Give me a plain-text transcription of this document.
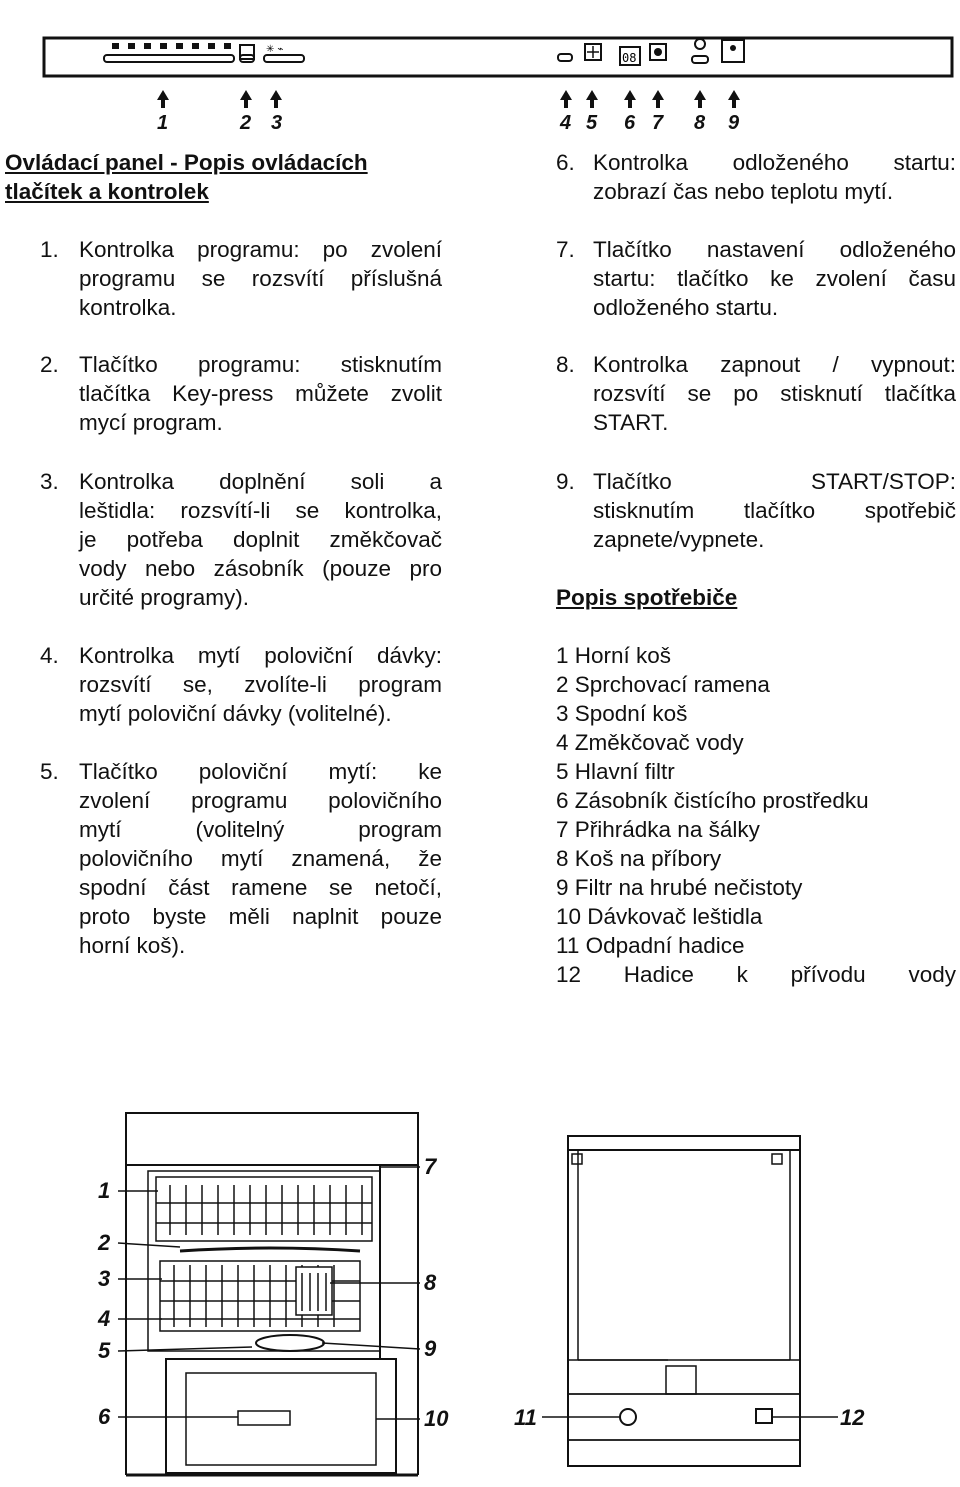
✳ ⌁
08
1	2 3	4 5 6 7 8 9
Ovládací panel - Popis ovládacích
tlačítek a kontrolek
1. Kontrolka programu: po zvolení
programu se rozsvítí příslušná
kontrolka.
2. Tlačítko programu: stisknutím
tlačítka Key-press můžete zvolit
mycí program.
3. Kontrolka doplnění soli a
leštidla: rozsvítí-li se kontrolka,
je potřeba doplnit změkčovač
vody nebo zásobník (pouze pro
určité programy).
4. Kontrolka mytí poloviční dávky:
rozsvítí se, zvolíte-li program
mytí poloviční dávky (volitelné).
5. Tlačítko poloviční mytí: ke
zvolení programu polovičního
mytí (volitelný program
polovičního mytí znamená, že
spodní část ramene se netočí,
proto byste měli naplnit pouze
horní koš).
6. Kontrolka odloženého startu:
zobrazí čas nebo teplotu mytí.
7. Tlačítko nastavení odloženého
startu: tlačítko ke zvolení času
odloženého startu.
8. Kontrolka zapnout / vypnout:
rozsvítí se po stisknutí tlačítka
START.
9. Tlačítko START/STOP:
stisknutím tlačítko spotřebič
zapnete/vypnete.
Popis spotřebiče
1 Horní koš
2 Sprchovací ramena
3 Spodní koš
4 Změkčovač vody
5 Hlavní filtr
6 Zásobník čistícího prostředku
7 Přihrádka na šálky
8 Koš na příbory
9 Filtr na hrubé nečistoty
10 Dávkovač leštidla
11 Odpadní hadice
12 Hadice k přívodu vody
1
2
3
4
5
6
7
8
9
10	11	12
